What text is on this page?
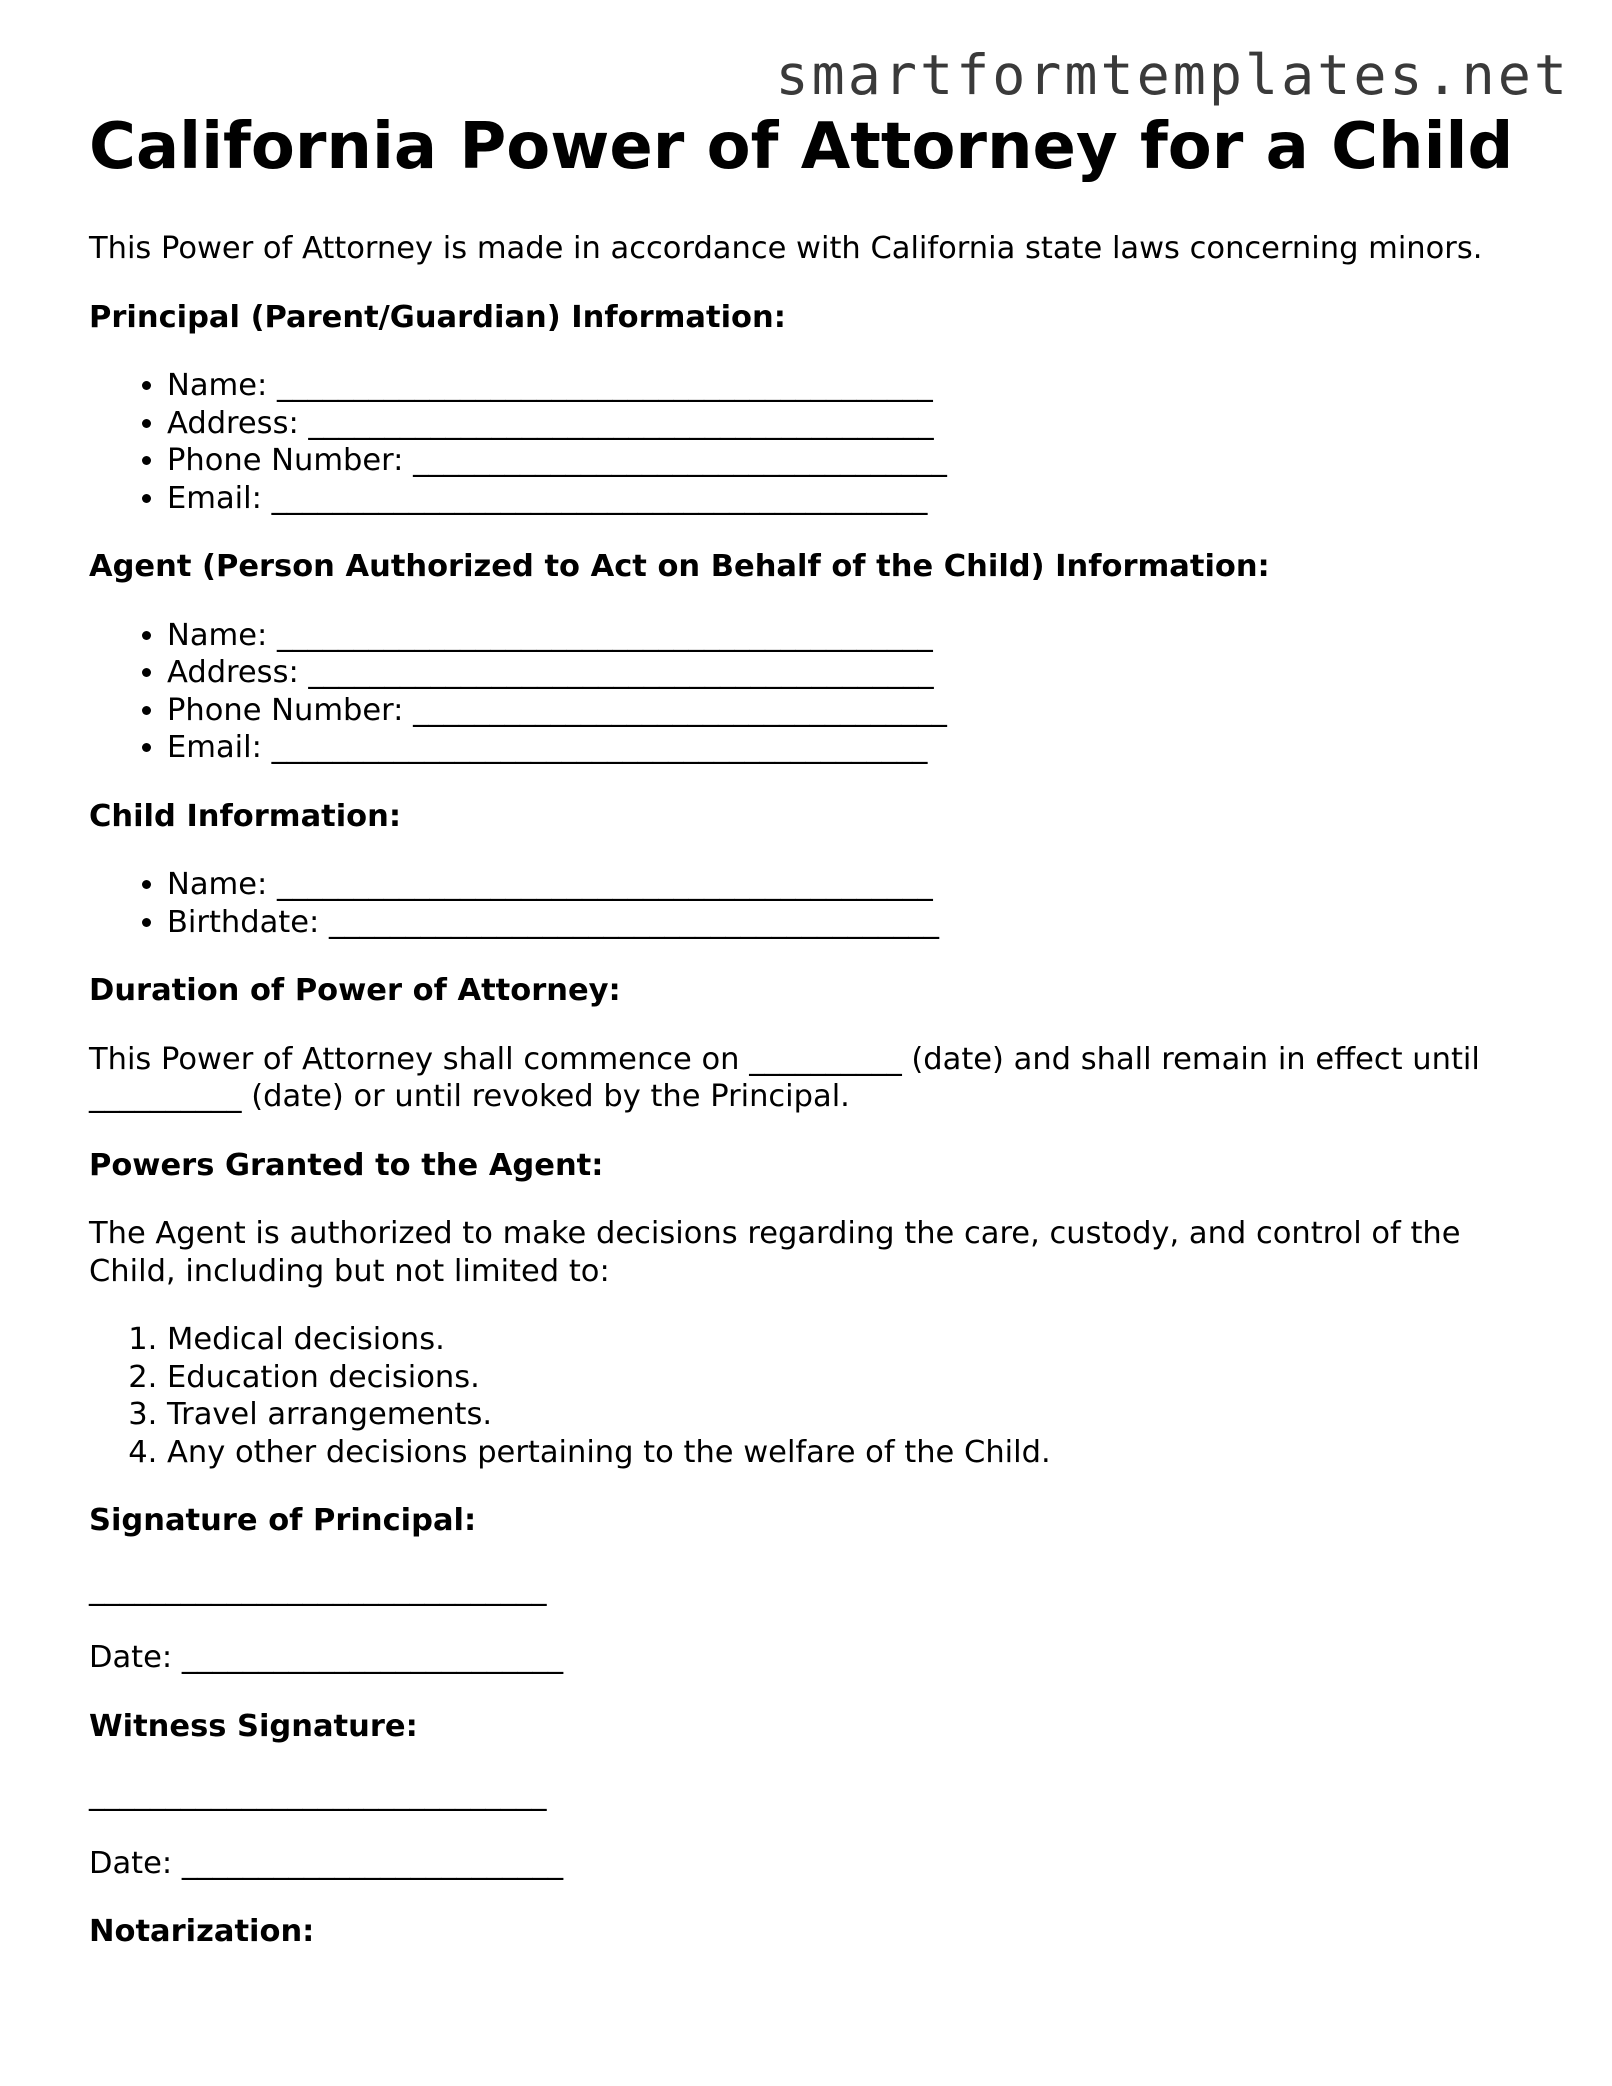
smartformtemplates.net
California Power of Attorney for a Child

This Power of Attorney is made in accordance with California state laws concerning minors.

Principal (Parent/Guardian) Information:
• Name: ___________________________________________
• Address: _________________________________________
• Phone Number: ___________________________________
• Email: ___________________________________________
Agent (Person Authorized to Act on Behalf of the Child) Information:
• Name: ___________________________________________
• Address: _________________________________________
• Phone Number: ___________________________________
• Email: ___________________________________________
Child Information:
• Name: ___________________________________________
• Birthdate: ________________________________________
Duration of Power of Attorney:

This Power of Attorney shall commence on __________ (date) and shall remain in effect until __________ (date) or until revoked by the Principal.

Powers Granted to the Agent:

The Agent is authorized to make decisions regarding the care, custody, and control of the Child, including but not limited to:

1. Medical decisions.
2. Education decisions.
3. Travel arrangements.
4. Any other decisions pertaining to the welfare of the Child.
Signature of Principal:
______________________________
Date: _________________________
Witness Signature:
______________________________
Date: _________________________
Notarization:
